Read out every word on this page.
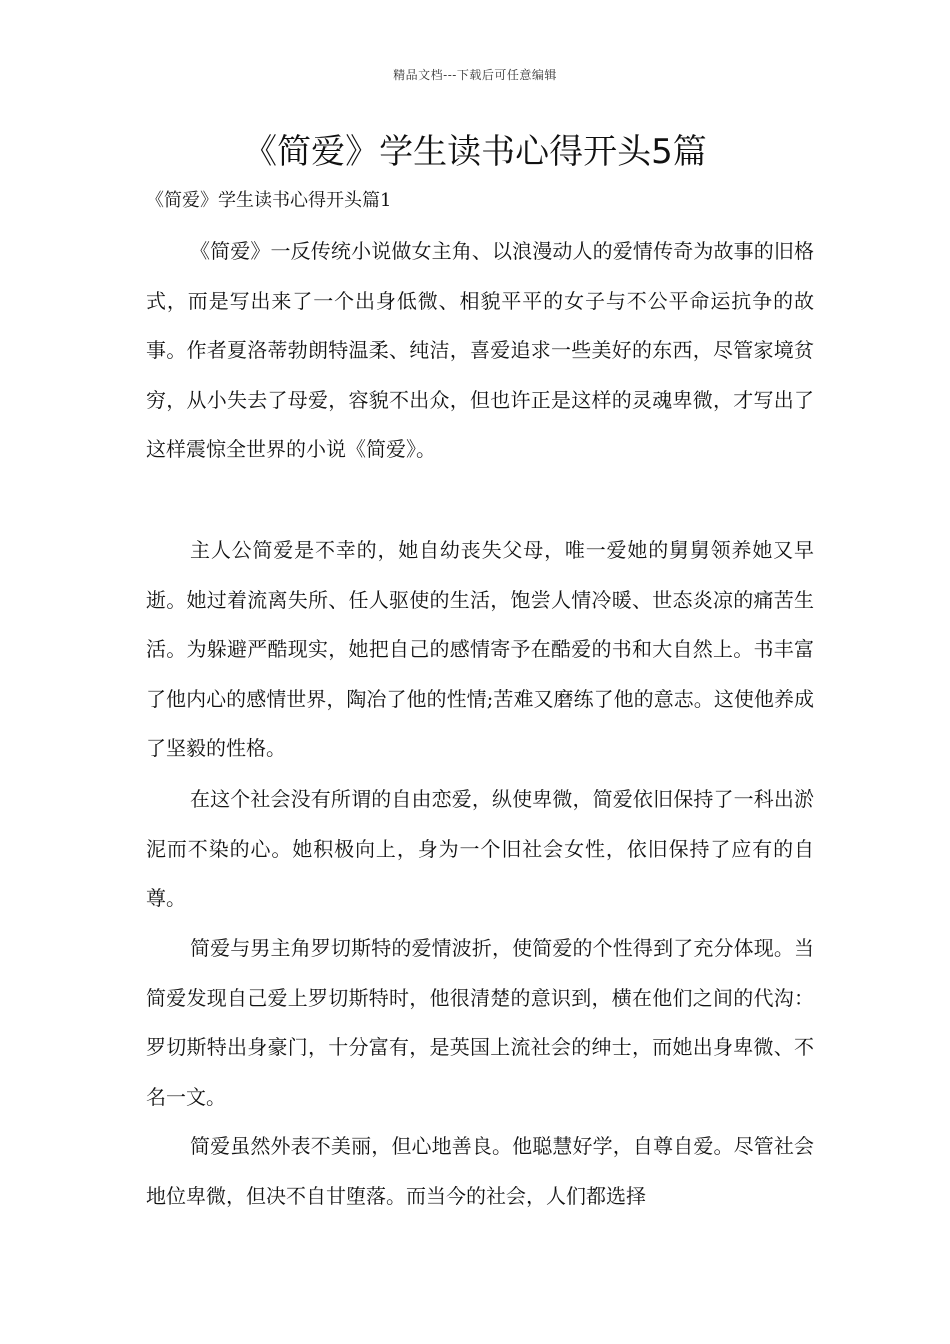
精品文档---下载后可任意编辑
《简爱》学生读书心得开头5篇

《简爱》学生读书心得开头篇1

《简爱》一反传统小说做女主角、以浪漫动人的爱情传奇为故事的旧格式，而是写出来了一个出身低微、相貌平平的女子与不公平命运抗争的故事。作者夏洛蒂勃朗特温柔、纯洁，喜爱追求一些美好的东西，尽管家境贫穷，从小失去了母爱，容貌不出众，但也许正是这样的灵魂卑微，才写出了这样震惊全世界的小说《简爱》。

主人公简爱是不幸的，她自幼丧失父母，唯一爱她的舅舅领养她又早逝。她过着流离失所、任人驱使的生活，饱尝人情冷暖、世态炎凉的痛苦生活。为躲避严酷现实，她把自己的感情寄予在酷爱的书和大自然上。书丰富了他内心的感情世界，陶冶了他的性情;苦难又磨练了他的意志。这使他养成了坚毅的性格。

在这个社会没有所谓的自由恋爱，纵使卑微，简爱依旧保持了一科出淤泥而不染的心。她积极向上，身为一个旧社会女性，依旧保持了应有的自尊。

简爱与男主角罗切斯特的爱情波折，使简爱的个性得到了充分体现。当简爱发现自己爱上罗切斯特时，他很清楚的意识到，横在他们之间的代沟：罗切斯特出身豪门，十分富有，是英国上流社会的绅士，而她出身卑微、不名一文。

简爱虽然外表不美丽，但心地善良。他聪慧好学，自尊自爱。尽管社会地位卑微，但决不自甘堕落。而当今的社会，人们都选择
